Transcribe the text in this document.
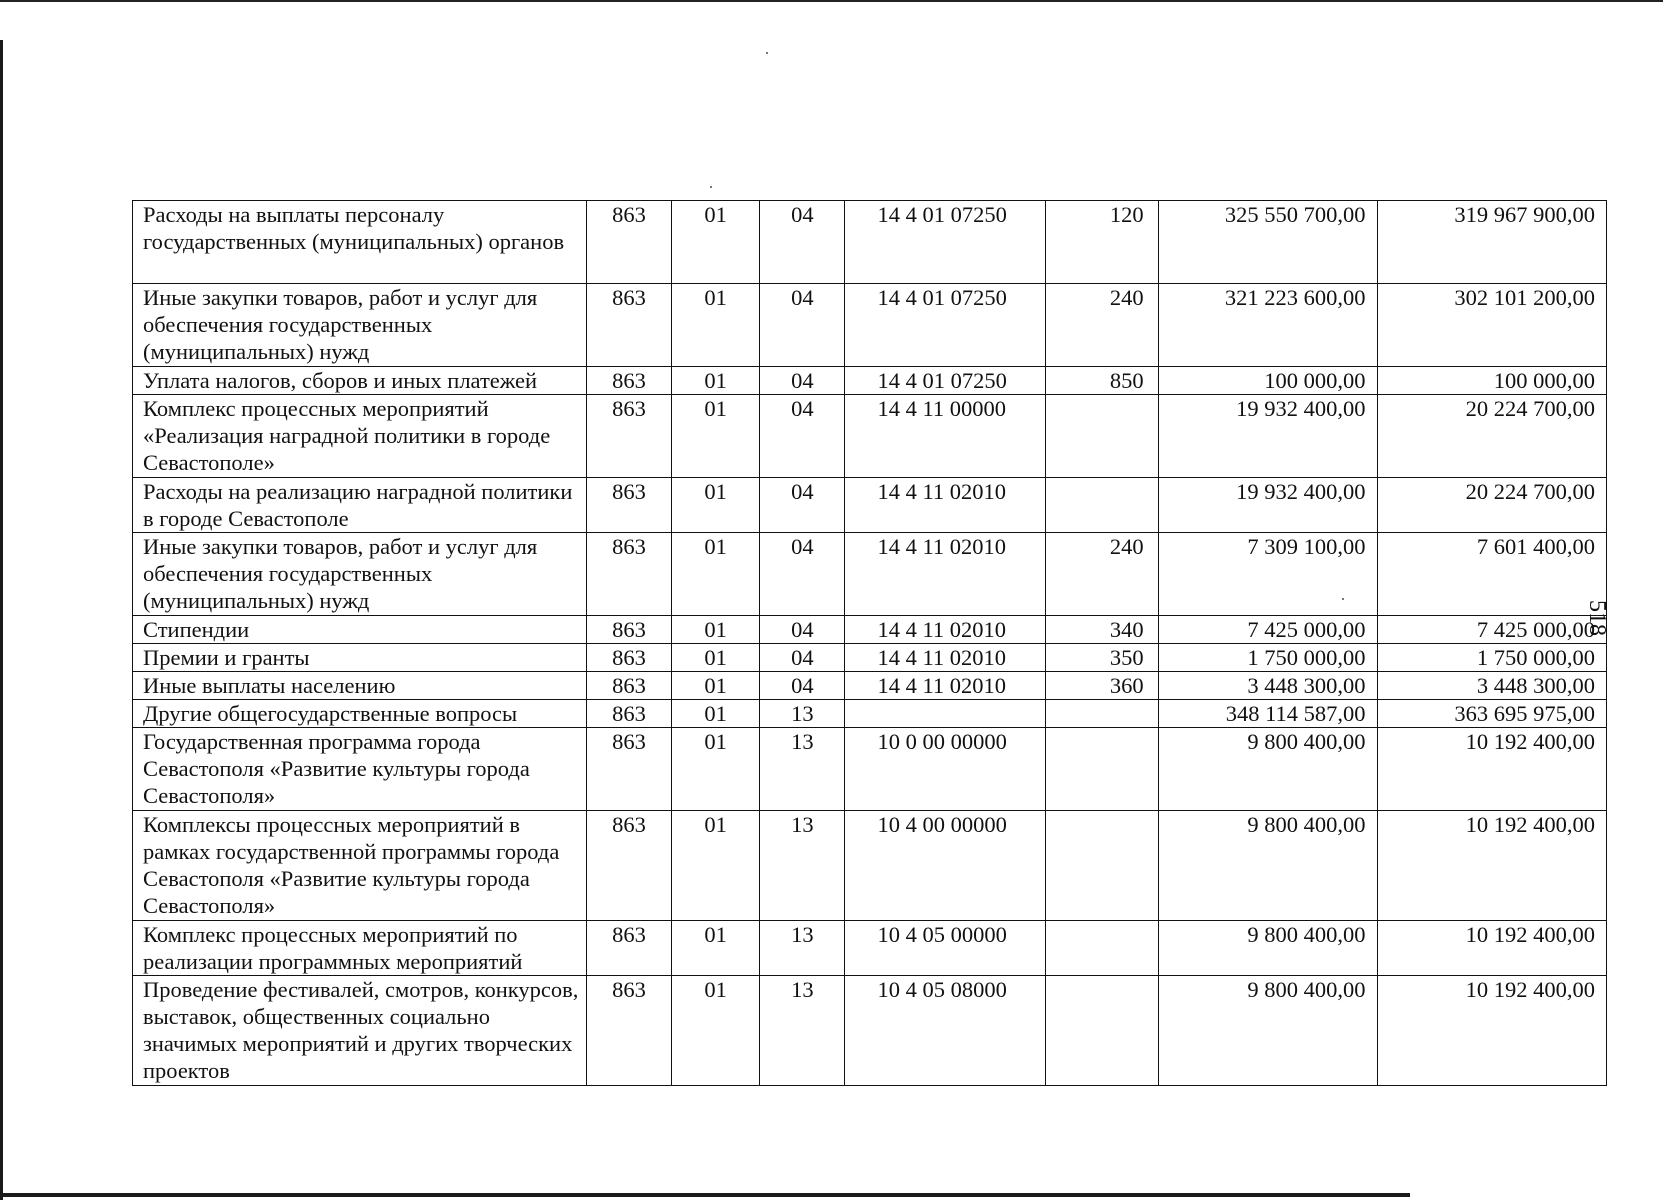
Расходы на выплаты персоналу государственных (муниципальных) органов	863	01	04	14 4 01 07250	120	325 550 700,00	319 967 900,00
Иные закупки товаров, работ и услуг для обеспечения государственных (муниципальных) нужд	863	01	04	14 4 01 07250	240	321 223 600,00	302 101 200,00
Уплата налогов, сборов и иных платежей	863	01	04	14 4 01 07250	850	100 000,00	100 000,00
Комплекс процессных мероприятий «Реализация наградной политики в городе Севастополе»	863	01	04	14 4 11 00000		19 932 400,00	20 224 700,00
Расходы на реализацию наградной политики в городе Севастополе	863	01	04	14 4 11 02010		19 932 400,00	20 224 700,00
Иные закупки товаров, работ и услуг для обеспечения государственных (муниципальных) нужд	863	01	04	14 4 11 02010	240	7 309 100,00	7 601 400,00
Стипендии	863	01	04	14 4 11 02010	340	7 425 000,00	7 425 000,00
Премии и гранты	863	01	04	14 4 11 02010	350	1 750 000,00	1 750 000,00
Иные выплаты населению	863	01	04	14 4 11 02010	360	3 448 300,00	3 448 300,00
Другие общегосударственные вопросы	863	01	13			348 114 587,00	363 695 975,00
Государственная программа города Севастополя «Развитие культуры города Севастополя»	863	01	13	10 0 00 00000		9 800 400,00	10 192 400,00
Комплексы процессных мероприятий в рамках государственной программы города Севастополя «Развитие культуры города Севастополя»	863	01	13	10 4 00 00000		9 800 400,00	10 192 400,00
Комплекс процессных мероприятий по реализации программных мероприятий	863	01	13	10 4 05 00000		9 800 400,00	10 192 400,00
Проведение фестивалей, смотров, конкурсов, выставок, общественных социально значимых мероприятий и других творческих проектов	863	01	13	10 4 05 08000		9 800 400,00	10 192 400,00
518
